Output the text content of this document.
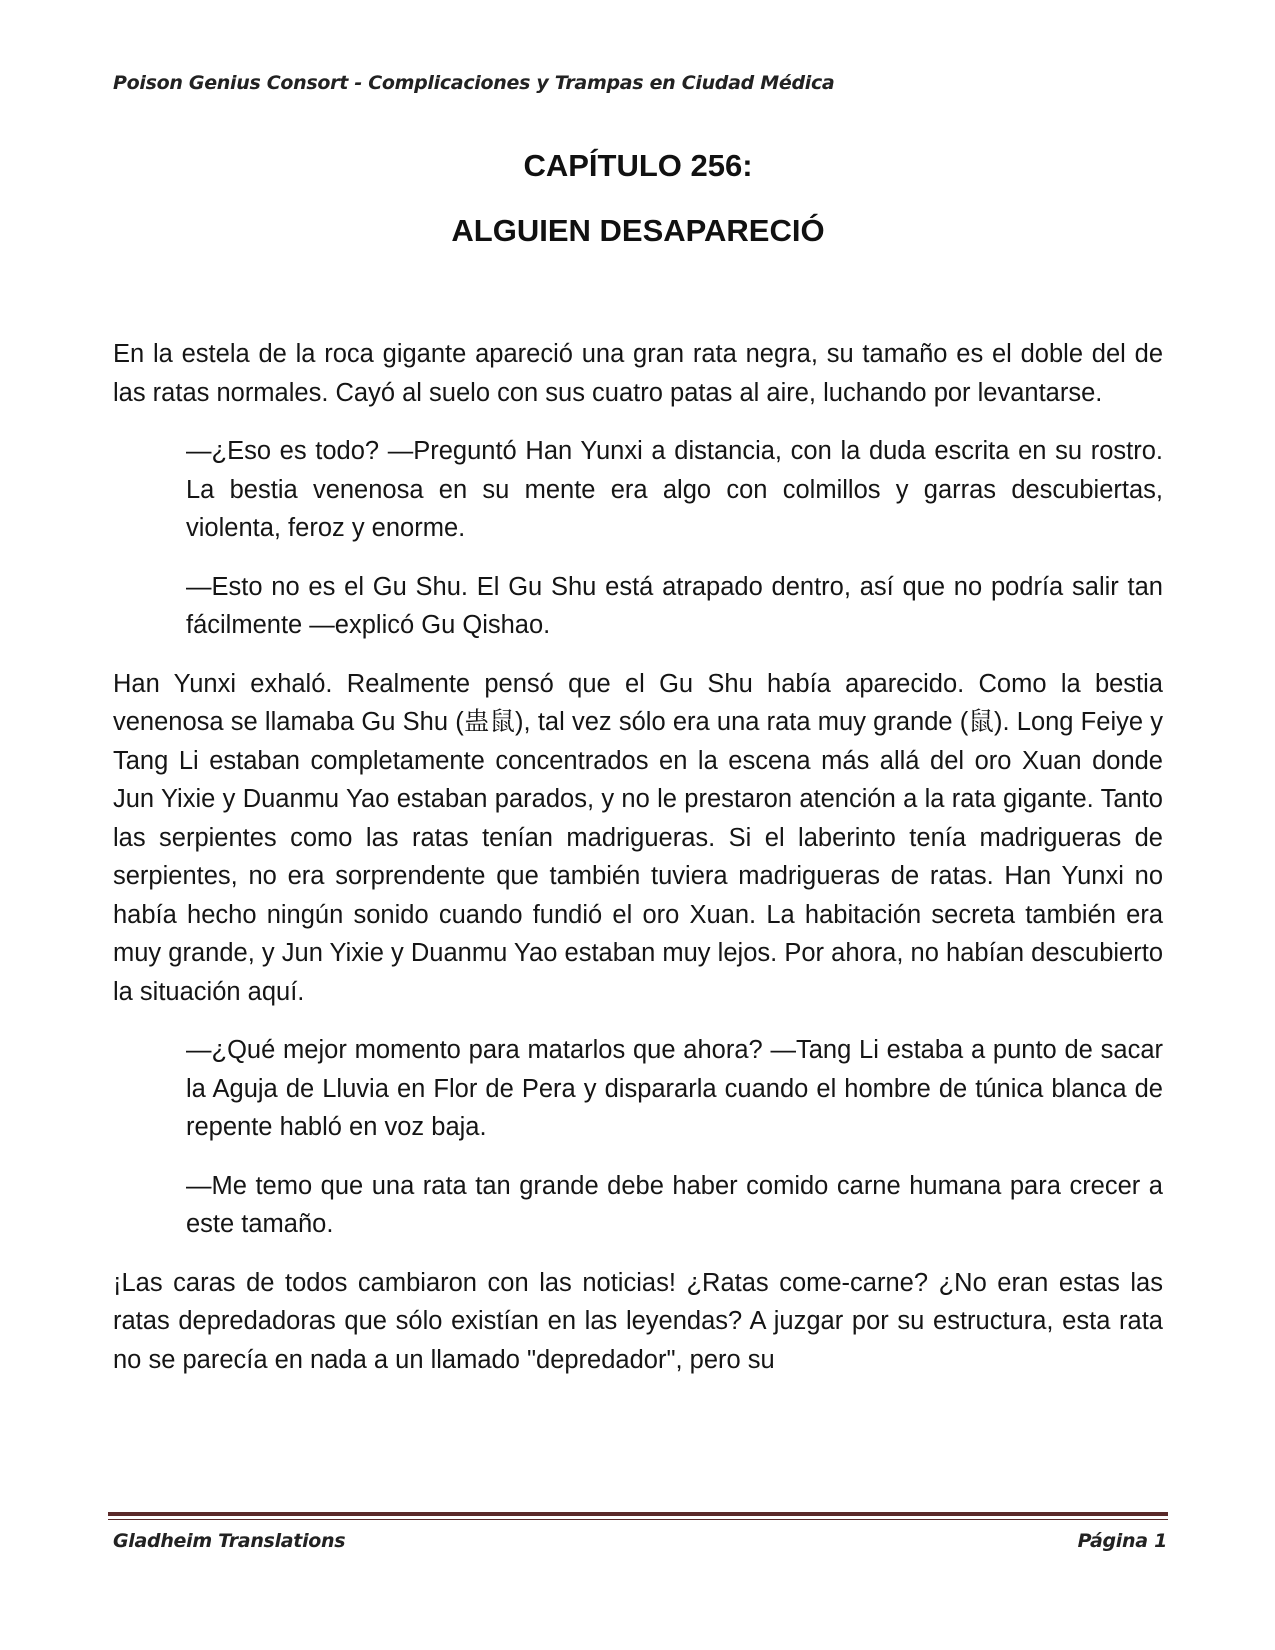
Poison Genius Consort - Complicaciones y Trampas en Ciudad Médica
CAPÍTULO 256:
ALGUIEN DESAPARECIÓ

En la estela de la roca gigante apareció una gran rata negra, su tamaño es el doble del de las ratas normales. Cayó al suelo con sus cuatro patas al aire, luchando por levantarse.

—¿Eso es todo? —Preguntó Han Yunxi a distancia, con la duda escrita en su rostro. La bestia venenosa en su mente era algo con colmillos y garras descubiertas, violenta, feroz y enorme.

—Esto no es el Gu Shu. El Gu Shu está atrapado dentro, así que no podría salir tan fácilmente —explicó Gu Qishao.

Han Yunxi exhaló. Realmente pensó que el Gu Shu había aparecido. Como la bestia venenosa se llamaba Gu Shu (蛊鼠), tal vez sólo era una rata muy grande (鼠). Long Feiye y Tang Li estaban completamente concentrados en la escena más allá del oro Xuan donde Jun Yixie y Duanmu Yao estaban parados, y no le prestaron atención a la rata gigante. Tanto las serpientes como las ratas tenían madrigueras. Si el laberinto tenía madrigueras de serpientes, no era sorprendente que también tuviera madrigueras de ratas. Han Yunxi no había hecho ningún sonido cuando fundió el oro Xuan. La habitación secreta también era muy grande, y Jun Yixie y Duanmu Yao estaban muy lejos. Por ahora, no habían descubierto la situación aquí.

—¿Qué mejor momento para matarlos que ahora? —Tang Li estaba a punto de sacar la Aguja de Lluvia en Flor de Pera y dispararla cuando el hombre de túnica blanca de repente habló en voz baja.

—Me temo que una rata tan grande debe haber comido carne humana para crecer a este tamaño.

¡Las caras de todos cambiaron con las noticias! ¿Ratas come-carne? ¿No eran estas las ratas depredadoras que sólo existían en las leyendas? A juzgar por su estructura, esta rata no se parecía en nada a un llamado "depredador", pero su

Gladheim Translations	Página 1
